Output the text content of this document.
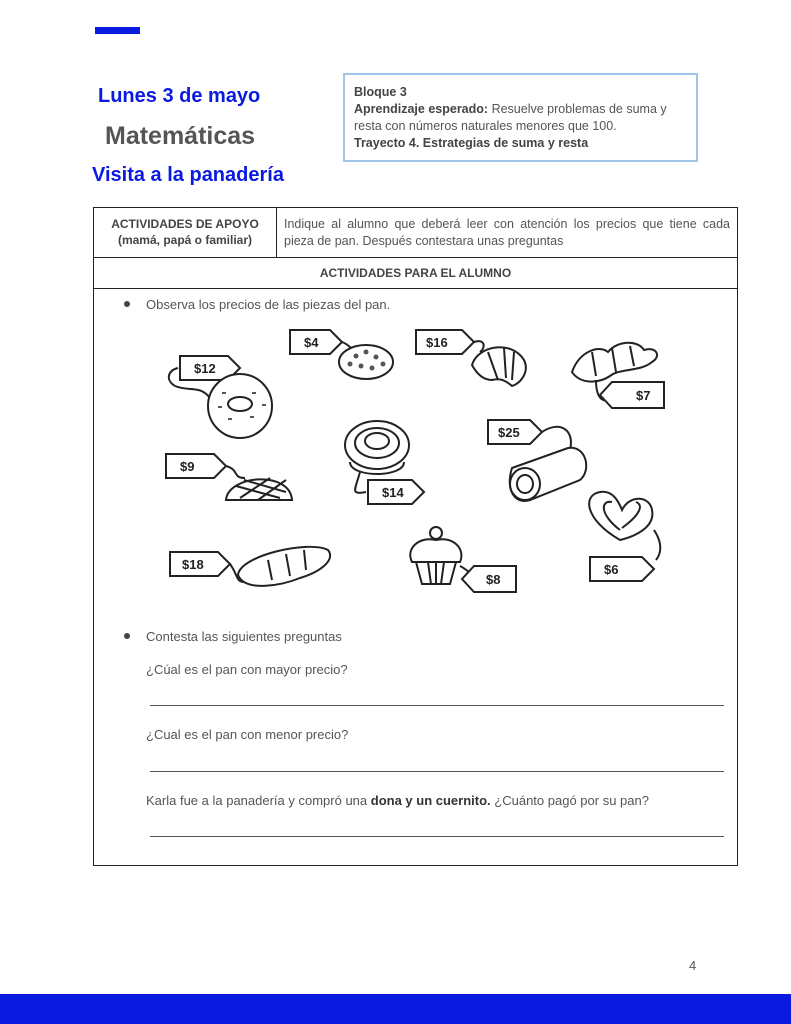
Lunes 3 de mayo
Matemáticas
Visita a la panadería
Bloque 3
Aprendizaje esperado: Resuelve problemas de suma y resta con números naturales menores que 100.
Trayecto 4. Estrategias de suma y resta
ACTIVIDADES DE APOYO
(mamá, papá o familiar)
Indique al alumno que deberá leer con atención los precios que tiene cada pieza de pan. Después contestara unas preguntas
ACTIVIDADES PARA EL ALUMNO
Observa los precios de las piezas del pan.
$4	$16
$12
$7
$25
$9
$14
$6
$18
$8
Contesta las siguientes preguntas
¿Cúal es el pan con mayor precio?
¿Cual es el pan con menor precio?
Karla fue a la panadería y compró una dona y un cuernito. ¿Cuánto pagó por su pan?
4
